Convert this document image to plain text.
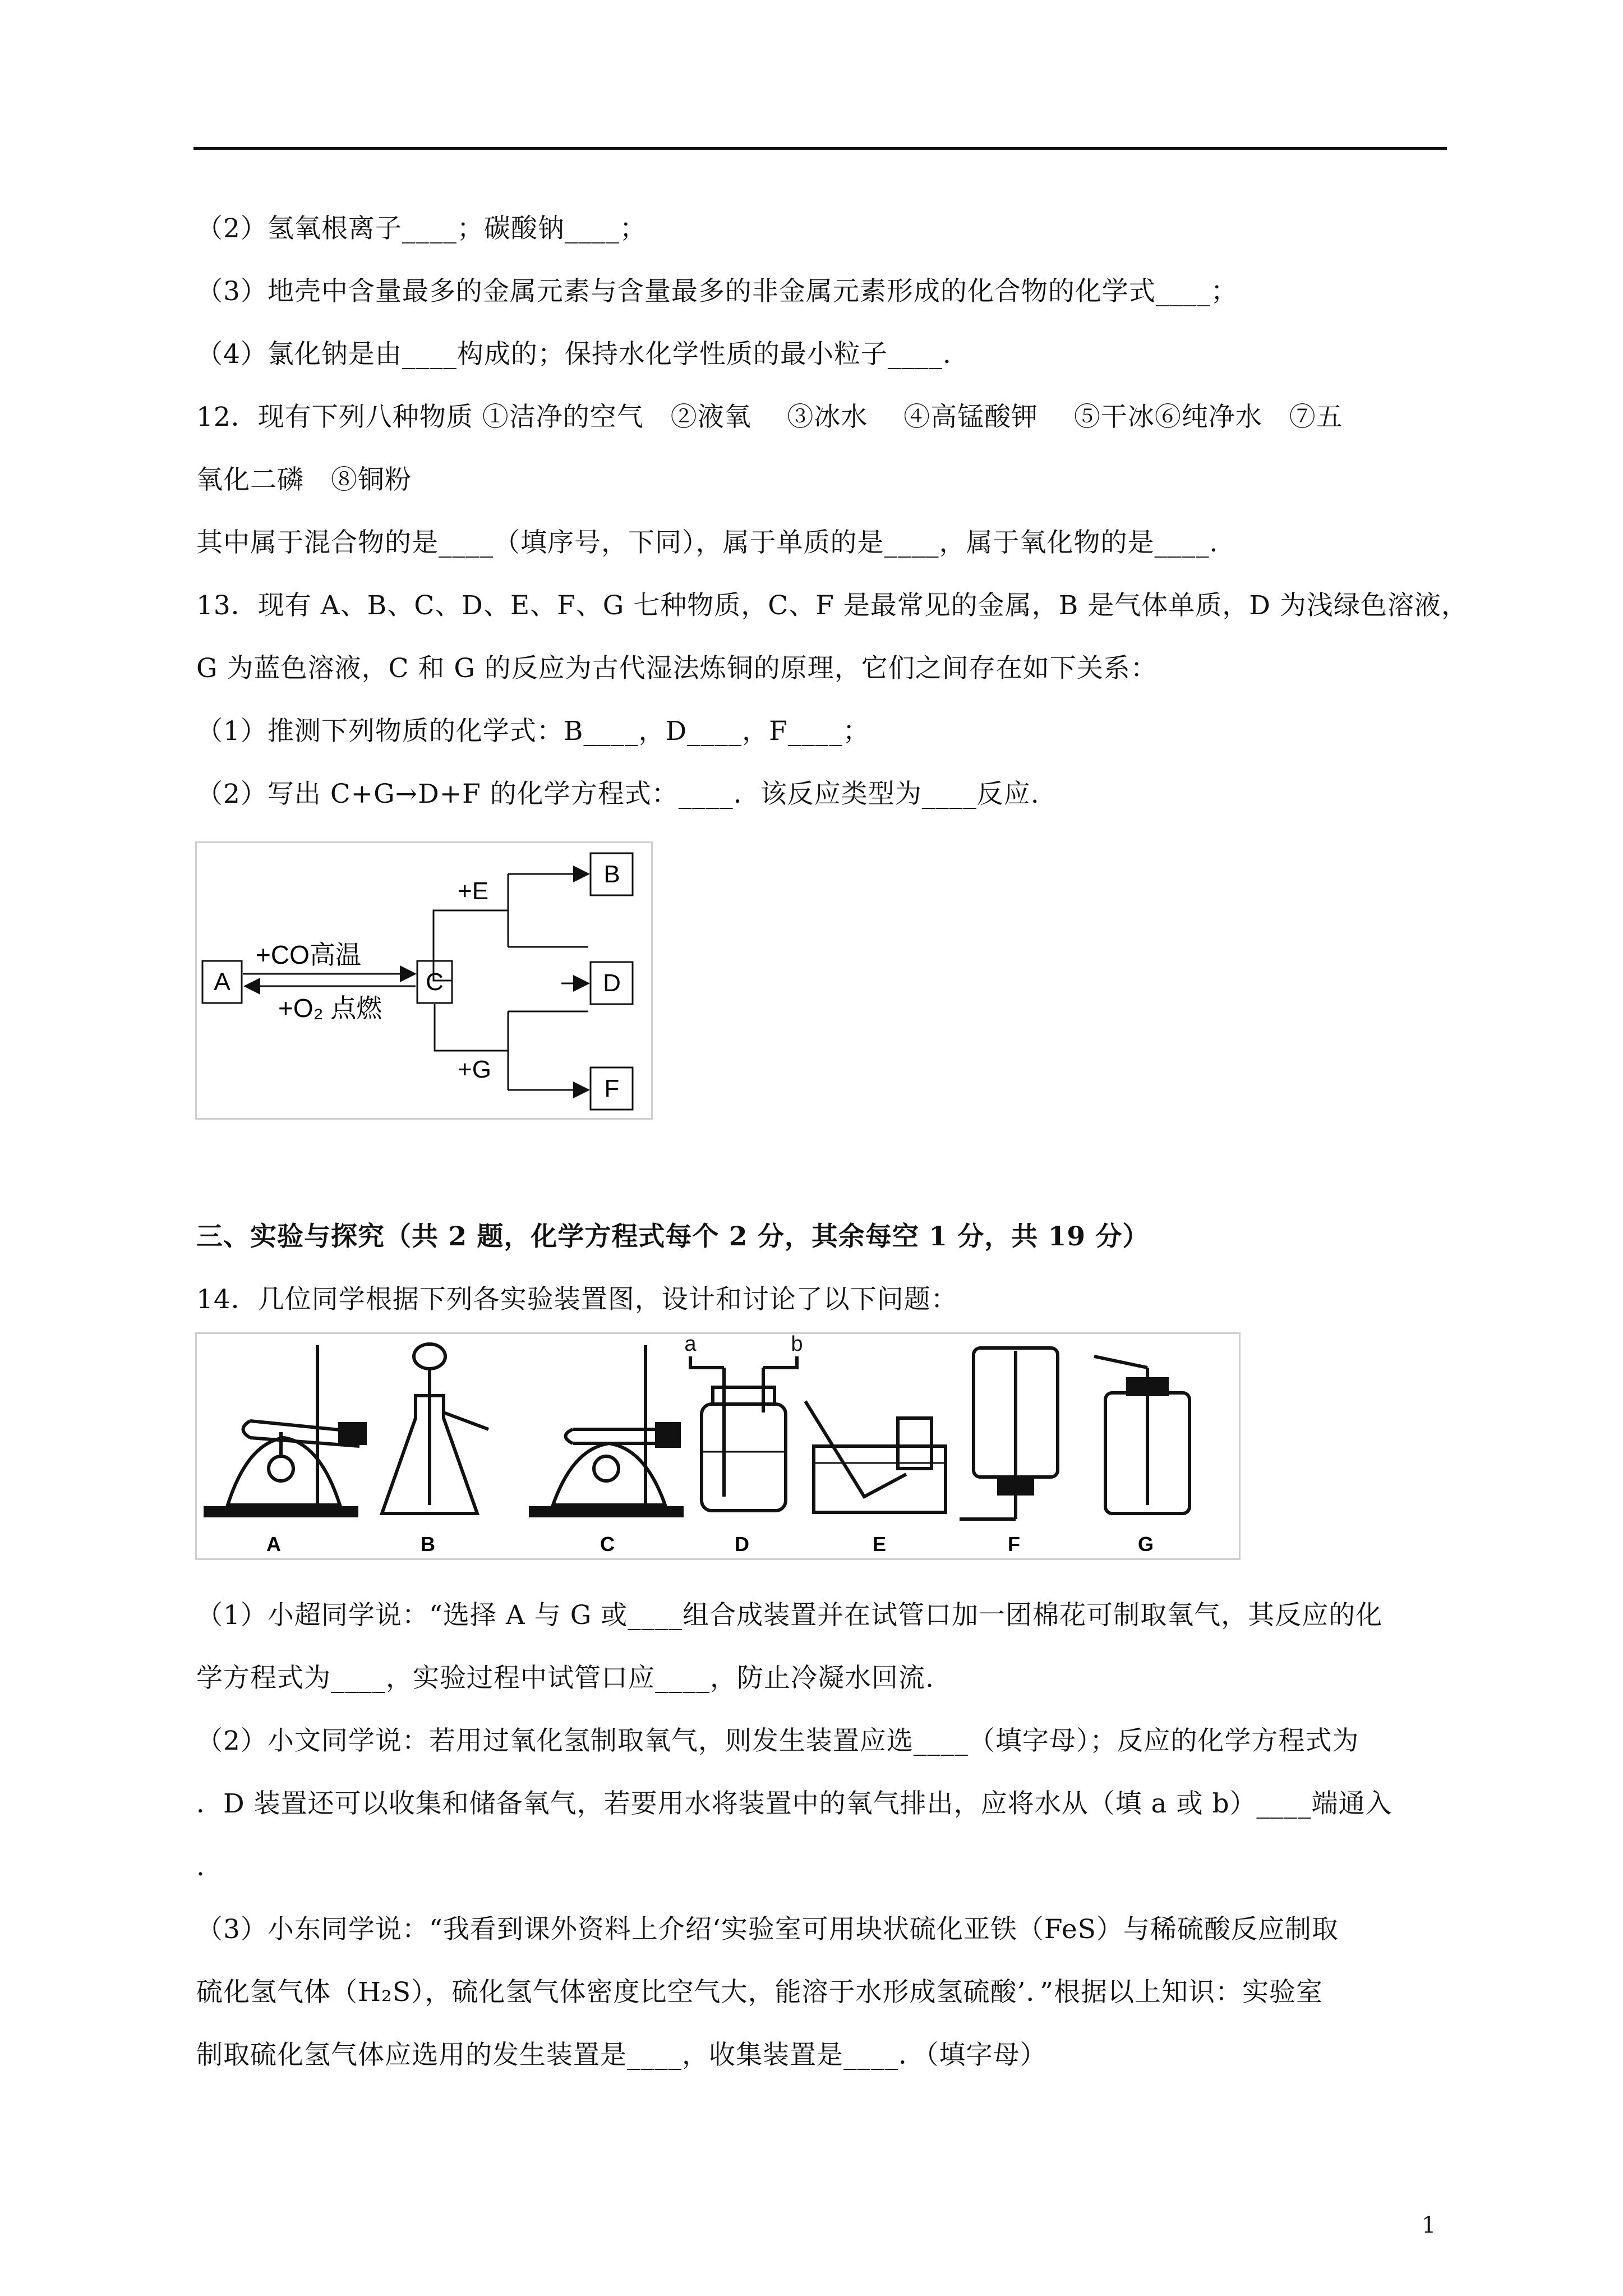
（2）氢氧根离子____；碳酸钠____；
（3）地壳中含量最多的金属元素与含量最多的非金属元素形成的化合物的化学式____；
（4）氯化钠是由____构成的；保持水化学性质的最小粒子____.
12．现有下列八种物质 ①洁净的空气   ②液氧    ③冰水    ④高锰酸钾    ⑤干冰⑥纯净水   ⑦五
氧化二磷   ⑧铜粉
其中属于混合物的是____（填序号，下同），属于单质的是____，属于氧化物的是____.
13．现有 A、B、C、D、E、F、G 七种物质，C、F 是最常见的金属，B 是气体单质，D 为浅绿色溶液，
G 为蓝色溶液，C 和 G 的反应为古代湿法炼铜的原理，它们之间存在如下关系：
（1）推测下列物质的化学式：B____，D____，F____；
（2）写出 C+G→D+F 的化学方程式：____．该反应类型为____反应.
A	C
B
D
F
+CO高温
+O₂ 点燃
+E
+G
三、实验与探究（共 2 题，化学方程式每个 2 分，其余每空 1 分，共 19 分）
14．几位同学根据下列各实验装置图，设计和讨论了以下问题：
a	b
A	B	C	D	E	F	G
（1）小超同学说：“选择 A 与 G 或____组合成装置并在试管口加一团棉花可制取氧气，其反应的化
学方程式为____，实验过程中试管口应____，防止冷凝水回流.
（2）小文同学说：若用过氧化氢制取氧气，则发生装置应选____（填字母）；反应的化学方程式为
．D 装置还可以收集和储备氧气，若要用水将装置中的氧气排出，应将水从（填 a 或 b）____端通入
.
（3）小东同学说：“我看到课外资料上介绍‘实验室可用块状硫化亚铁（FeS）与稀硫酸反应制取
硫化氢气体（H₂S），硫化氢气体密度比空气大，能溶于水形成氢硫酸’．”根据以上知识：实验室
制取硫化氢气体应选用的发生装置是____，收集装置是____．（填字母）
1
